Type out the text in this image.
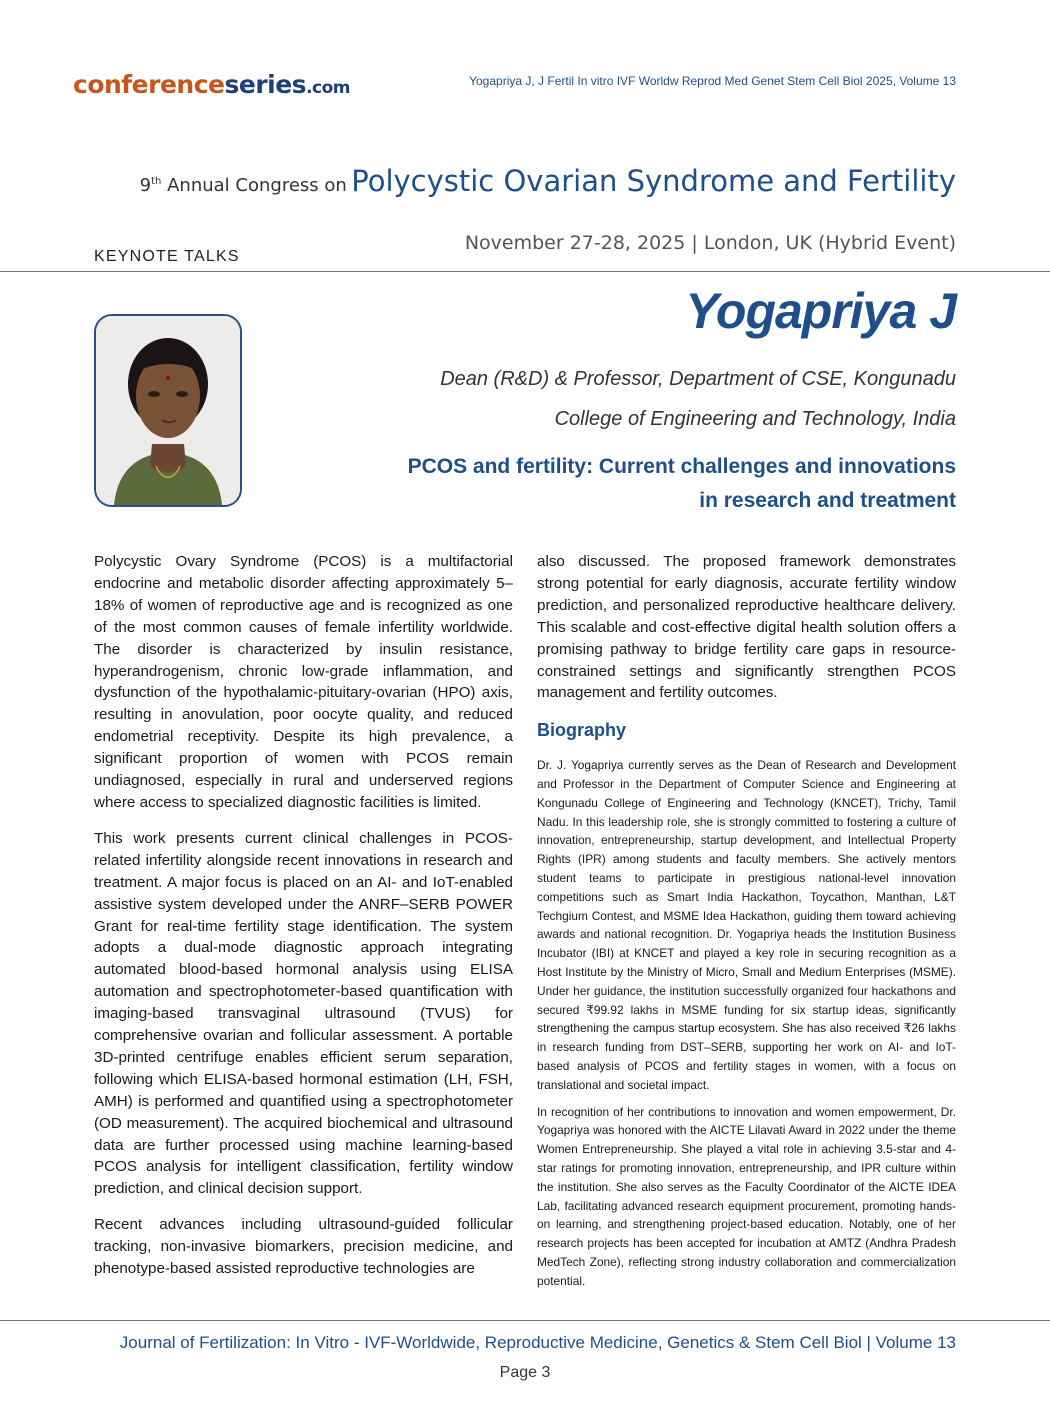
conferenceseries.com	Yogapriya J, J Fertil In vitro IVF Worldw Reprod Med Genet Stem Cell Biol 2025, Volume 13
9th Annual Congress on Polycystic Ovarian Syndrome and Fertility
November 27-28, 2025 | London, UK (Hybrid Event)
KEYNOTE TALKS
Yogapriya J
Dean (R&D) & Professor, Department of CSE, Kongunadu
College of Engineering and Technology, India
PCOS and fertility: Current challenges and innovations
in research and treatment

Polycystic Ovary Syndrome (PCOS) is a multifactorial endocrine and metabolic disorder affecting approximately 5–18% of women of reproductive age and is recognized as one of the most common causes of female infertility worldwide. The disorder is characterized by insulin resistance, hyperandrogenism, chronic low-grade inflammation, and dysfunction of the hypothalamic-pituitary-ovarian (HPO) axis, resulting in anovulation, poor oocyte quality, and reduced endometrial receptivity. Despite its high prevalence, a significant proportion of women with PCOS remain undiagnosed, especially in rural and underserved regions where access to specialized diagnostic facilities is limited.

This work presents current clinical challenges in PCOS-related infertility alongside recent innovations in research and treatment. A major focus is placed on an AI- and IoT-enabled assistive system developed under the ANRF–SERB POWER Grant for real-time fertility stage identification. The system adopts a dual-mode diagnostic approach integrating automated blood-based hormonal analysis using ELISA automation and spectrophotometer-based quantification with imaging-based transvaginal ultrasound (TVUS) for comprehensive ovarian and follicular assessment. A portable 3D-printed centrifuge enables efficient serum separation, following which ELISA-based hormonal estimation (LH, FSH, AMH) is performed and quantified using a spectrophotometer (OD measurement). The acquired biochemical and ultrasound data are further processed using machine learning-based PCOS analysis for intelligent classification, fertility window prediction, and clinical decision support.

Recent advances including ultrasound-guided follicular tracking, non-invasive biomarkers, precision medicine, and phenotype-based assisted reproductive technologies are

also discussed. The proposed framework demonstrates strong potential for early diagnosis, accurate fertility window prediction, and personalized reproductive healthcare delivery. This scalable and cost-effective digital health solution offers a promising pathway to bridge fertility care gaps in resource-constrained settings and significantly strengthen PCOS management and fertility outcomes.

Biography

Dr. J. Yogapriya currently serves as the Dean of Research and Development and Professor in the Department of Computer Science and Engineering at Kongunadu College of Engineering and Technology (KNCET), Trichy, Tamil Nadu. In this leadership role, she is strongly committed to fostering a culture of innovation, entrepreneurship, startup development, and Intellectual Property Rights (IPR) among students and faculty members. She actively mentors student teams to participate in prestigious national-level innovation competitions such as Smart India Hackathon, Toycathon, Manthan, L&T Techgium Contest, and MSME Idea Hackathon, guiding them toward achieving awards and national recognition. Dr. Yogapriya heads the Institution Business Incubator (IBI) at KNCET and played a key role in securing recognition as a Host Institute by the Ministry of Micro, Small and Medium Enterprises (MSME). Under her guidance, the institution successfully organized four hackathons and secured ₹99.92 lakhs in MSME funding for six startup ideas, significantly strengthening the campus startup ecosystem. She has also received ₹26 lakhs in research funding from DST–SERB, supporting her work on AI- and IoT-based analysis of PCOS and fertility stages in women, with a focus on translational and societal impact.

In recognition of her contributions to innovation and women empowerment, Dr. Yogapriya was honored with the AICTE Lilavati Award in 2022 under the theme Women Entrepreneurship. She played a vital role in achieving 3.5-star and 4-star ratings for promoting innovation, entrepreneurship, and IPR culture within the institution. She also serves as the Faculty Coordinator of the AICTE IDEA Lab, facilitating advanced research equipment procurement, promoting hands-on learning, and strengthening project-based education. Notably, one of her research projects has been accepted for incubation at AMTZ (Andhra Pradesh MedTech Zone), reflecting strong industry collaboration and commercialization potential.

Journal of Fertilization: In Vitro - IVF-Worldwide, Reproductive Medicine, Genetics & Stem Cell Biol | Volume 13
Page 3
